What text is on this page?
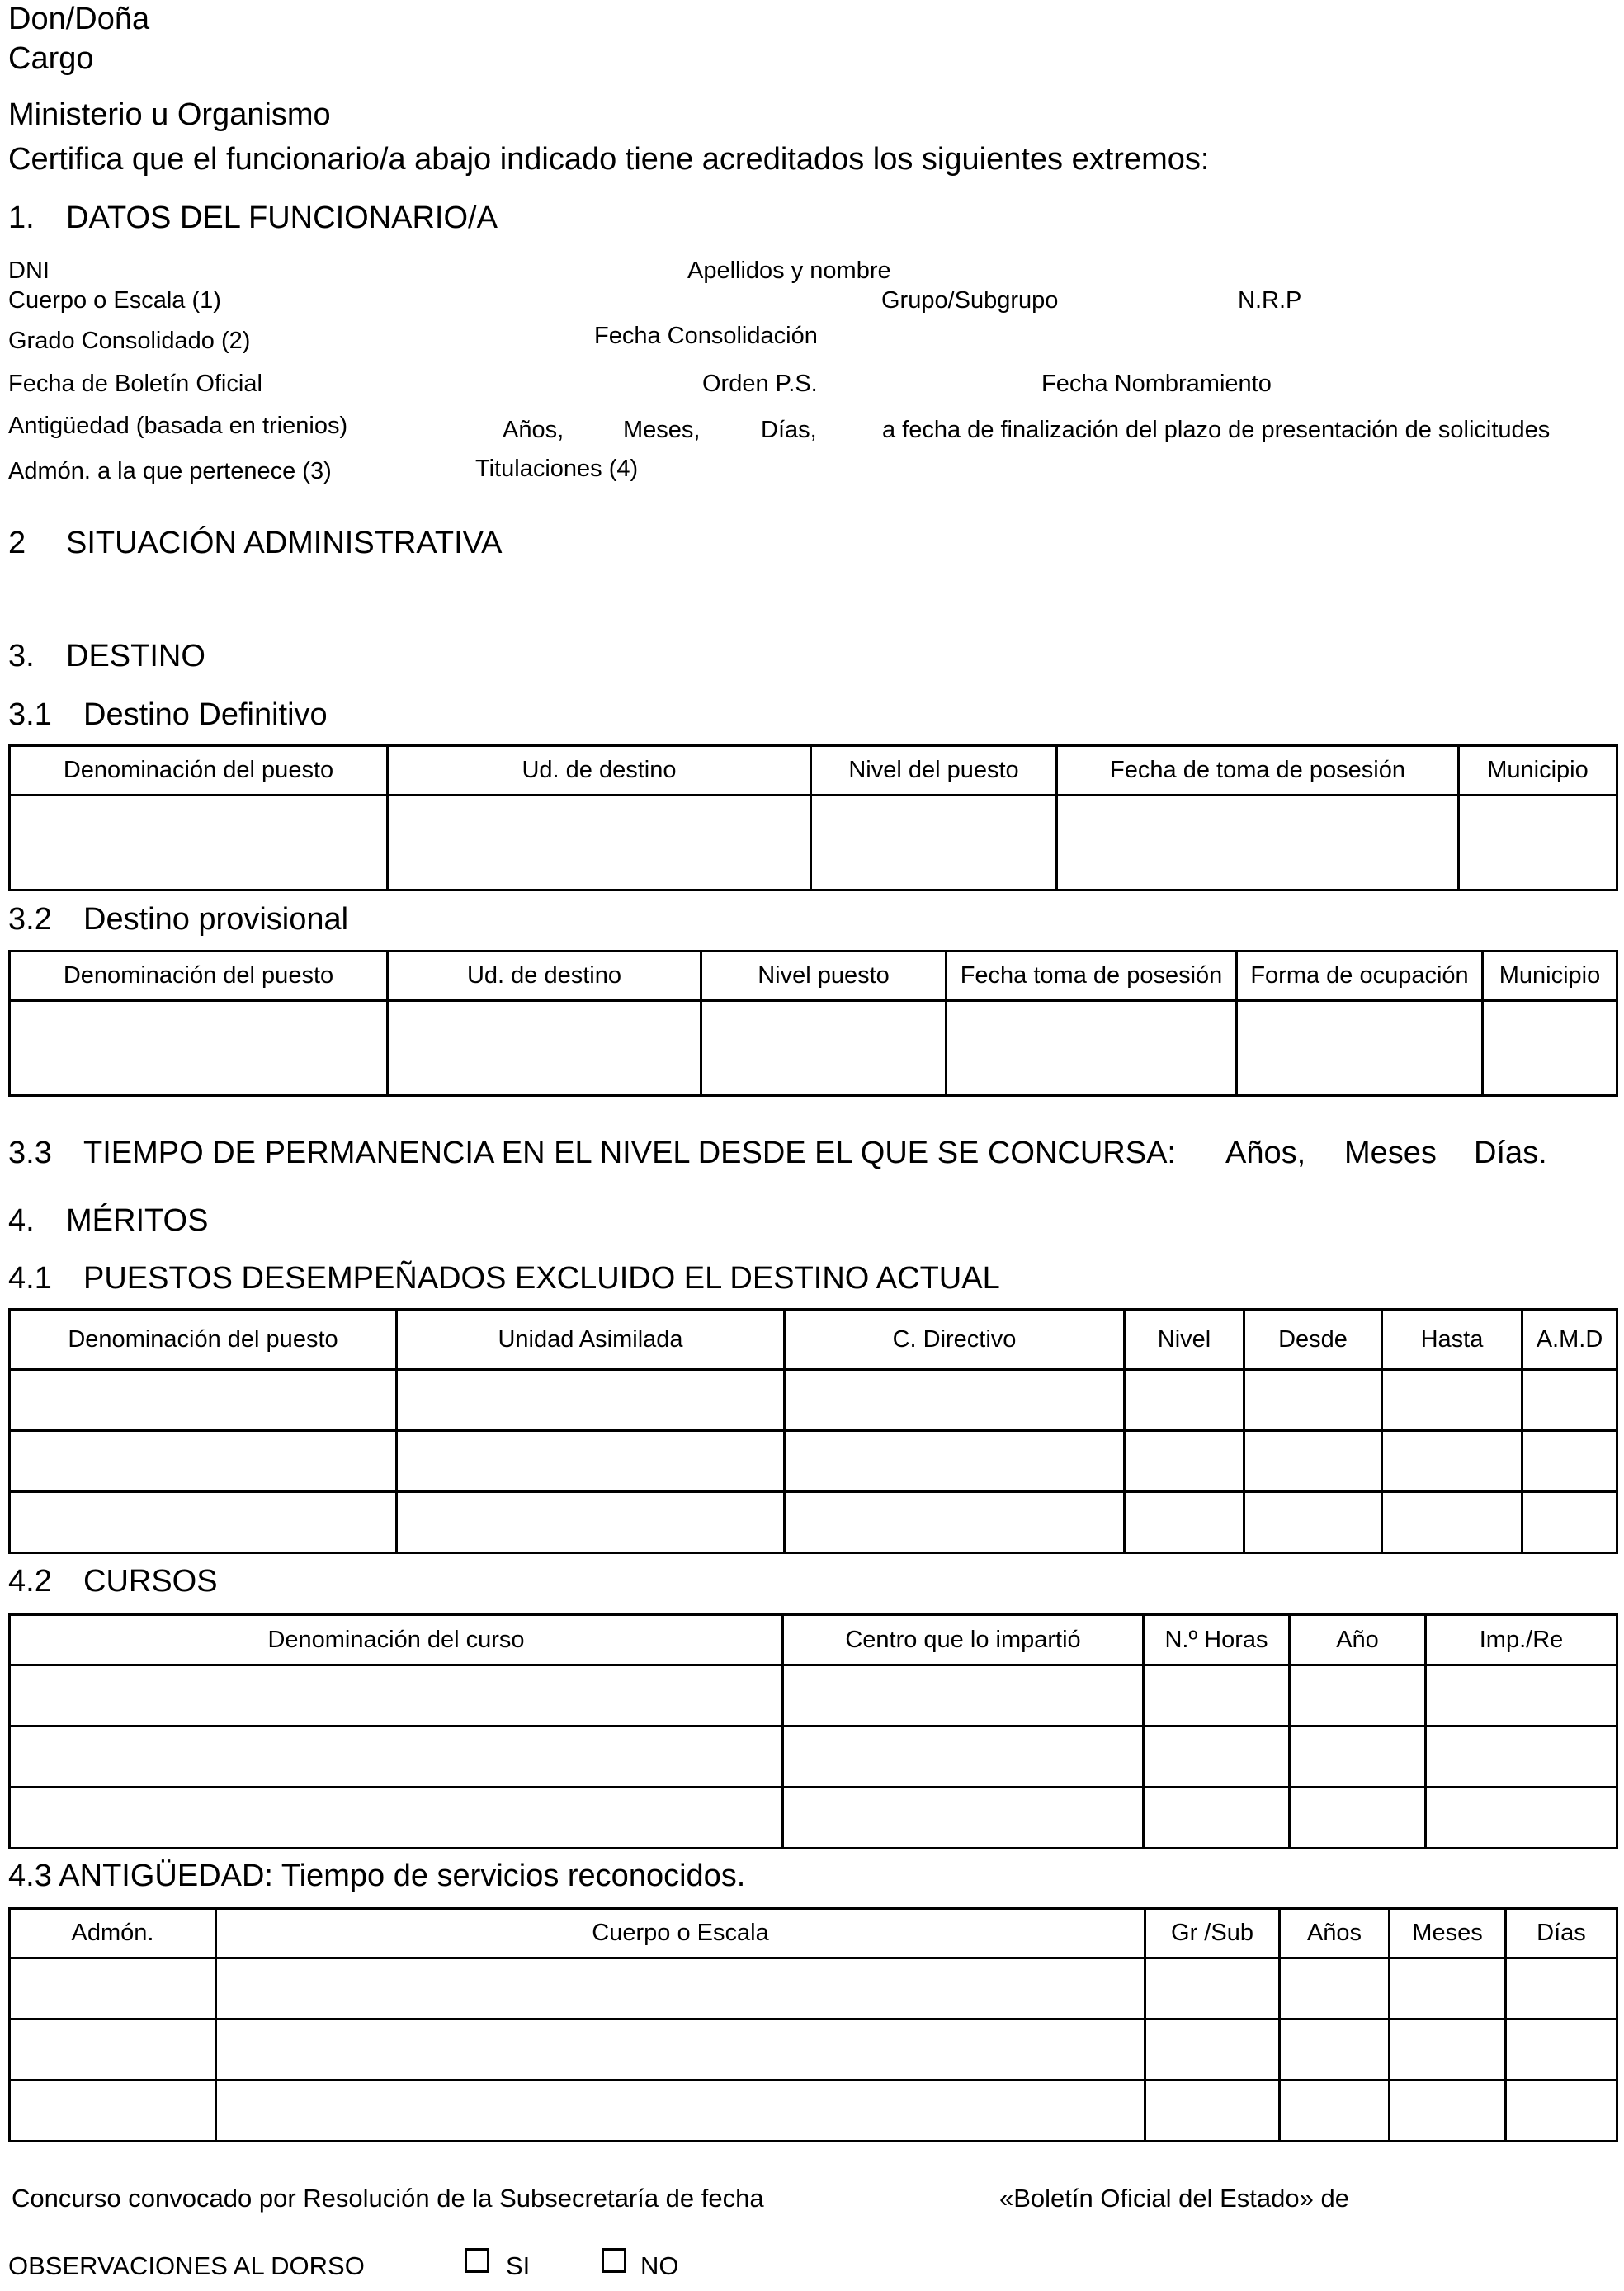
Don/Doña
Cargo
Ministerio u Organismo
Certifica que el funcionario/a abajo indicado tiene acreditados los siguientes extremos:
1. DATOS DEL FUNCIONARIO/A
DNI	Apellidos y nombre
Cuerpo o Escala (1)	Grupo/Subgrupo	N.R.P
Grado Consolidado (2)	Fecha Consolidación
Fecha de Boletín Oficial	Orden P.S.	Fecha Nombramiento
Antigüedad (basada en trienios)	Años, Meses,	Días,	a fecha de finalización del plazo de presentación de solicitudes
Admón. a la que pertenece (3)	Titulaciones (4)
2 SITUACIÓN ADMINISTRATIVA
3. DESTINO
3.1 Destino Definitivo
Denominación del puesto	Ud. de destino	Nivel del puesto	Fecha de toma de posesión	Municipio

3.2 Destino provisional
Denominación del puesto	Ud. de destino	Nivel puesto	Fecha toma de posesión	Forma de ocupación	Municipio

3.3 TIEMPO DE PERMANENCIA EN EL NIVEL DESDE EL QUE SE CONCURSA: Años, Meses Días.
4. MÉRITOS
4.1 PUESTOS DESEMPEÑADOS EXCLUIDO EL DESTINO ACTUAL
Denominación del puesto	Unidad Asimilada	C. Directivo	Nivel	Desde	Hasta	A.M.D

4.2 CURSOS
Denominación del curso	Centro que lo impartió	N.º Horas	Año	Imp./Re

4.3 ANTIGÜEDAD: Tiempo de servicios reconocidos.
Admón.	Cuerpo o Escala	Gr /Sub	Años	Meses	Días

Concurso convocado por Resolución de la Subsecretaría de fecha	«Boletín Oficial del Estado» de
OBSERVACIONES AL DORSO	SI	NO
